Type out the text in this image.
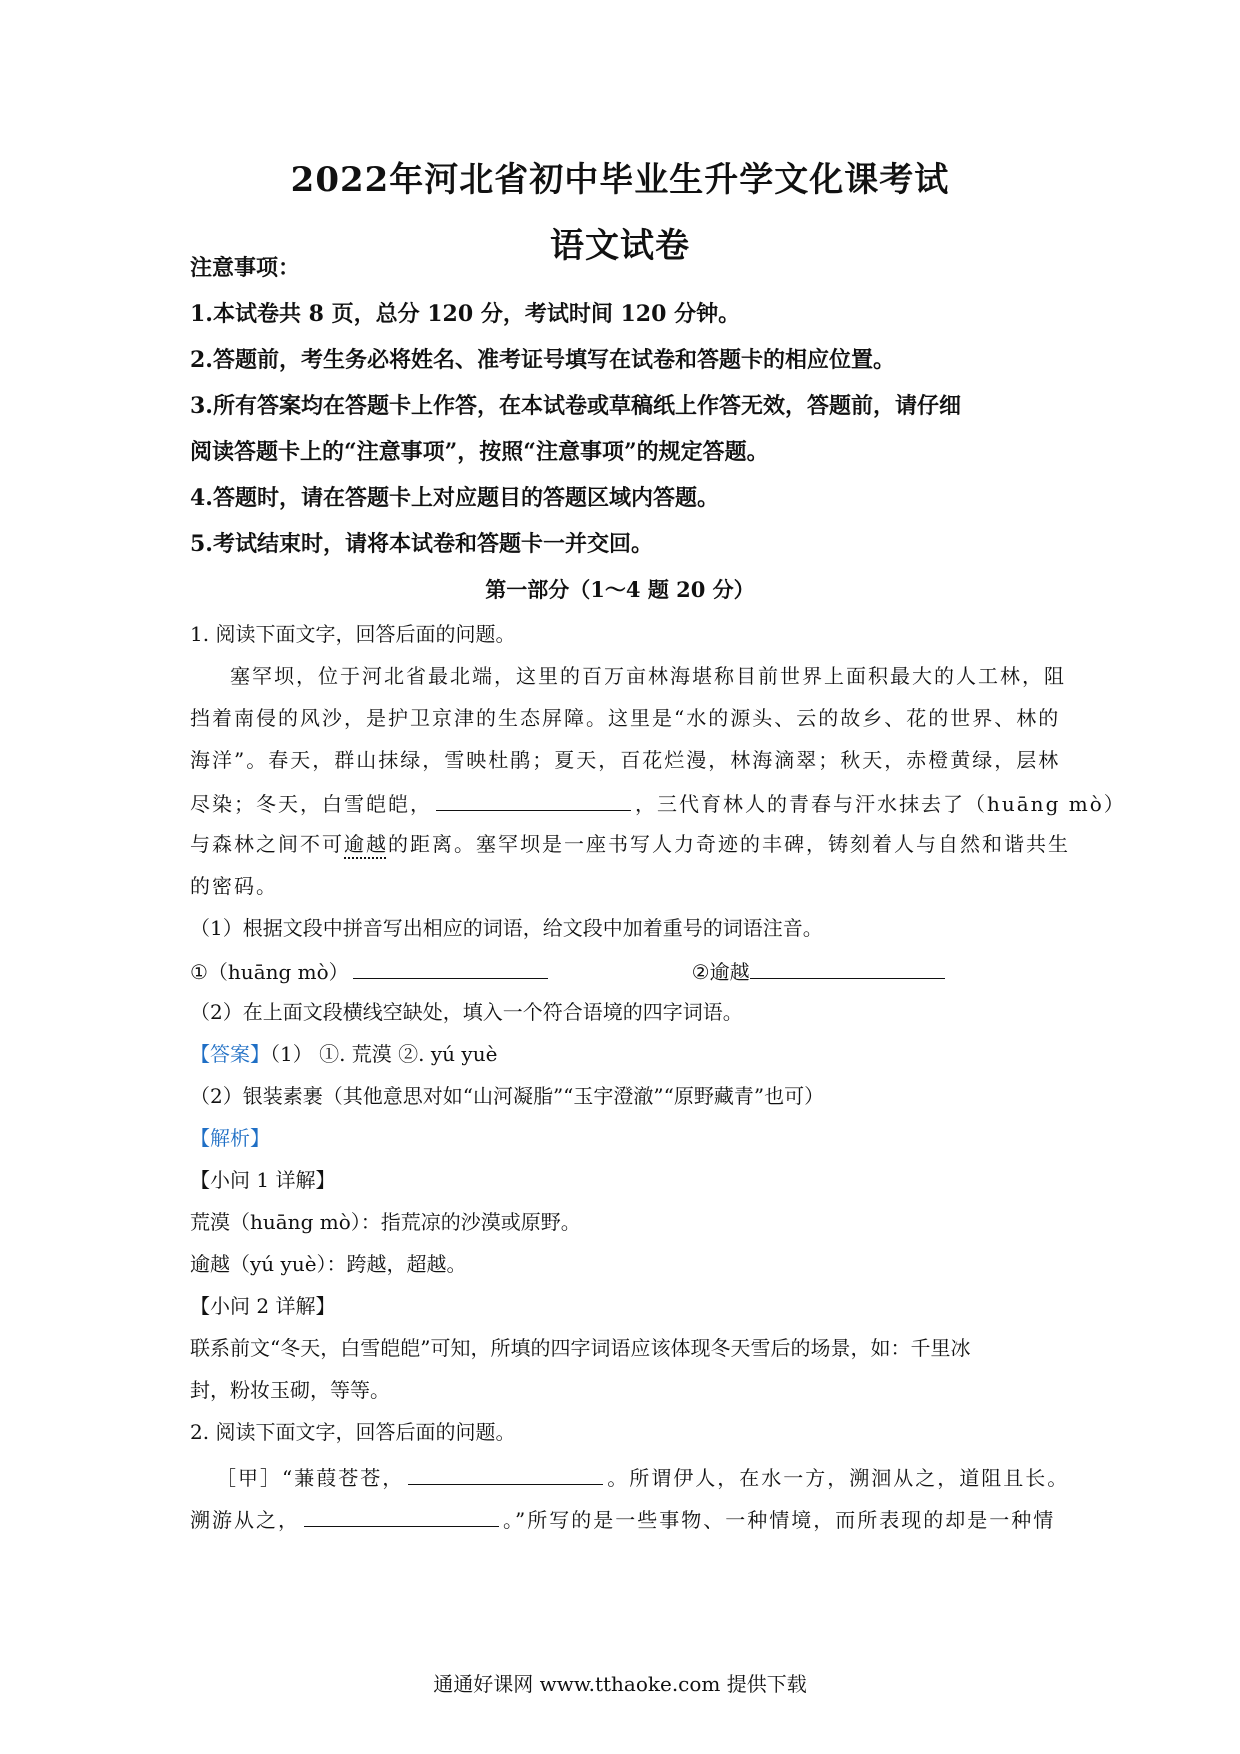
2022年河北省初中毕业生升学文化课考试
语文试卷
注意事项：
1.本试卷共 8 页，总分 120 分，考试时间 120 分钟。
2.答题前，考生务必将姓名、准考证号填写在试卷和答题卡的相应位置。
3.所有答案均在答题卡上作答，在本试卷或草稿纸上作答无效，答题前，请仔细
阅读答题卡上的“注意事项”，按照“注意事项”的规定答题。
4.答题时，请在答题卡上对应题目的答题区域内答题。
5.考试结束时，请将本试卷和答题卡一并交回。
第一部分（1～4 题 20 分）
1. 阅读下面文字，回答后面的问题。
塞罕坝，位于河北省最北端，这里的百万亩林海堪称目前世界上面积最大的人工林，阻
挡着南侵的风沙，是护卫京津的生态屏障。这里是“水的源头、云的故乡、花的世界、林的
海洋”。春天，群山抹绿，雪映杜鹃；夏天，百花烂漫，林海滴翠；秋天，赤橙黄绿，层林
尽染；冬天，白雪皑皑，	，三代育林人的青春与汗水抹去了（huāng mò）
与森林之间不可逾越的距离。塞罕坝是一座书写人力奇迹的丰碑，铸刻着人与自然和谐共生
的密码。
（1）根据文段中拼音写出相应的词语，给文段中加着重号的词语注音。
①（huāng mò）	②逾越
（2）在上面文段横线空缺处，填入一个符合语境的四字词语。
【答案】（1） ①. 荒漠 ②. yú yuè
（2）银装素裹（其他意思对如“山河凝脂”“玉宇澄澈”“原野藏青”也可）
【解析】
【小问 1 详解】
荒漠（huāng mò）：指荒凉的沙漠或原野。
逾越（yú yuè）：跨越，超越。
【小问 2 详解】
联系前文“冬天，白雪皑皑”可知，所填的四字词语应该体现冬天雪后的场景，如：千里冰
封，粉妆玉砌，等等。
2. 阅读下面文字，回答后面的问题。
［甲］“蒹葭苍苍，	。所谓伊人，在水一方，溯洄从之，道阻且长。
溯游从之，	。”所写的是一些事物、一种情境，而所表现的却是一种情
通通好课网 www.tthaoke.com 提供下载
